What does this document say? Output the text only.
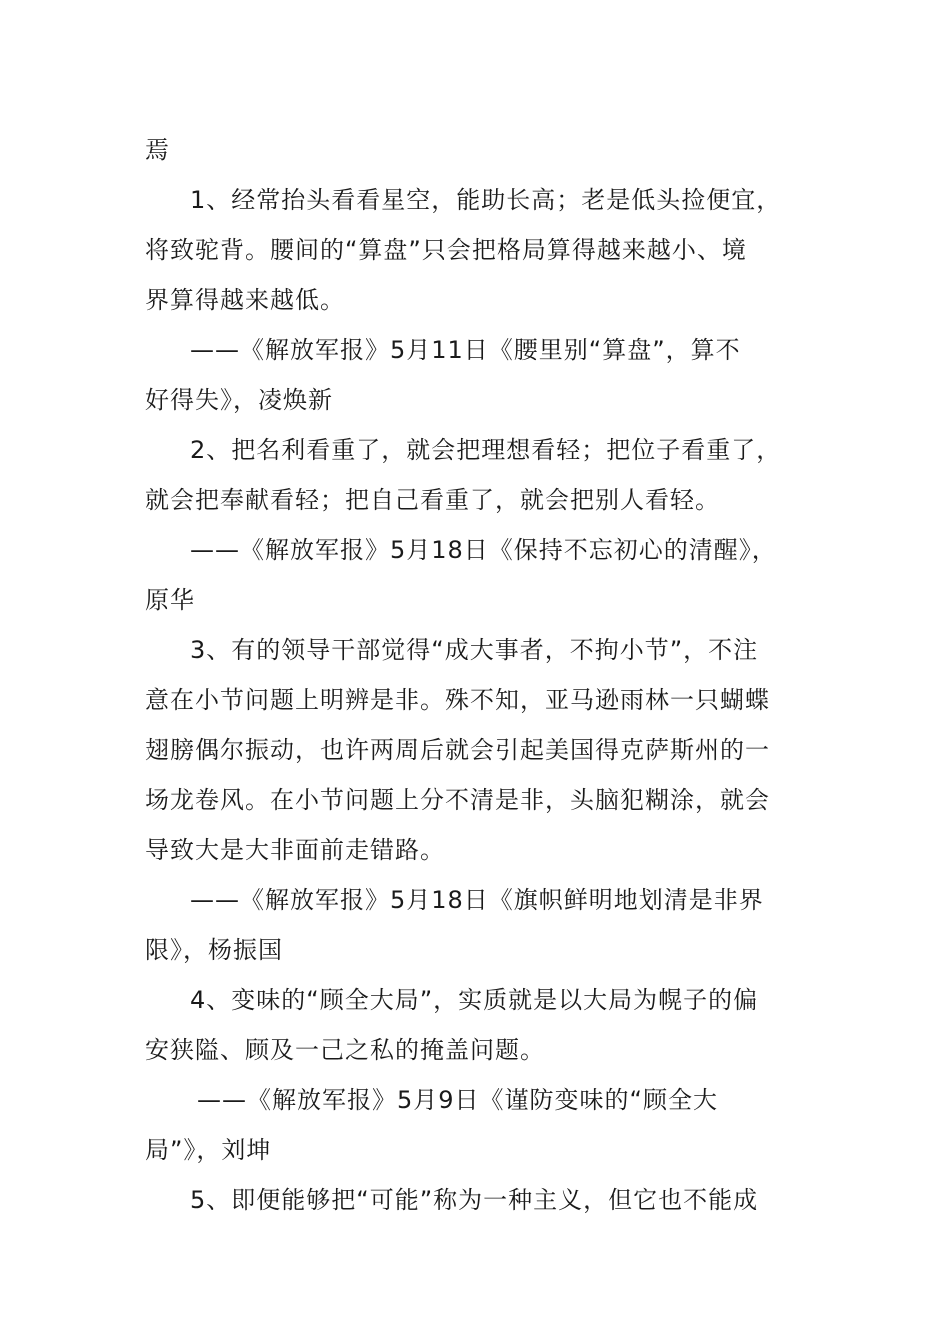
焉

1、经常抬头看看星空，能助长高；老是低头捡便宜，

将致驼背。腰间的“算盘”只会把格局算得越来越小、境

界算得越来越低。

——《解放军报》5月11日《腰里别“算盘”，算不

好得失》，凌焕新

2、把名利看重了，就会把理想看轻；把位子看重了，

就会把奉献看轻；把自己看重了，就会把别人看轻。

——《解放军报》5月18日《保持不忘初心的清醒》，

原华

3、有的领导干部觉得“成大事者，不拘小节”，不注

意在小节问题上明辨是非。殊不知，亚马逊雨林一只蝴蝶

翅膀偶尔振动，也许两周后就会引起美国得克萨斯州的一

场龙卷风。在小节问题上分不清是非，头脑犯糊涂，就会

导致大是大非面前走错路。

——《解放军报》5月18日《旗帜鲜明地划清是非界

限》，杨振国

4、变味的“顾全大局”，实质就是以大局为幌子的偏

安狭隘、顾及一己之私的掩盖问题。

——《解放军报》5月9日《谨防变味的“顾全大

局”》，刘坤

5、即便能够把“可能”称为一种主义，但它也不能成
